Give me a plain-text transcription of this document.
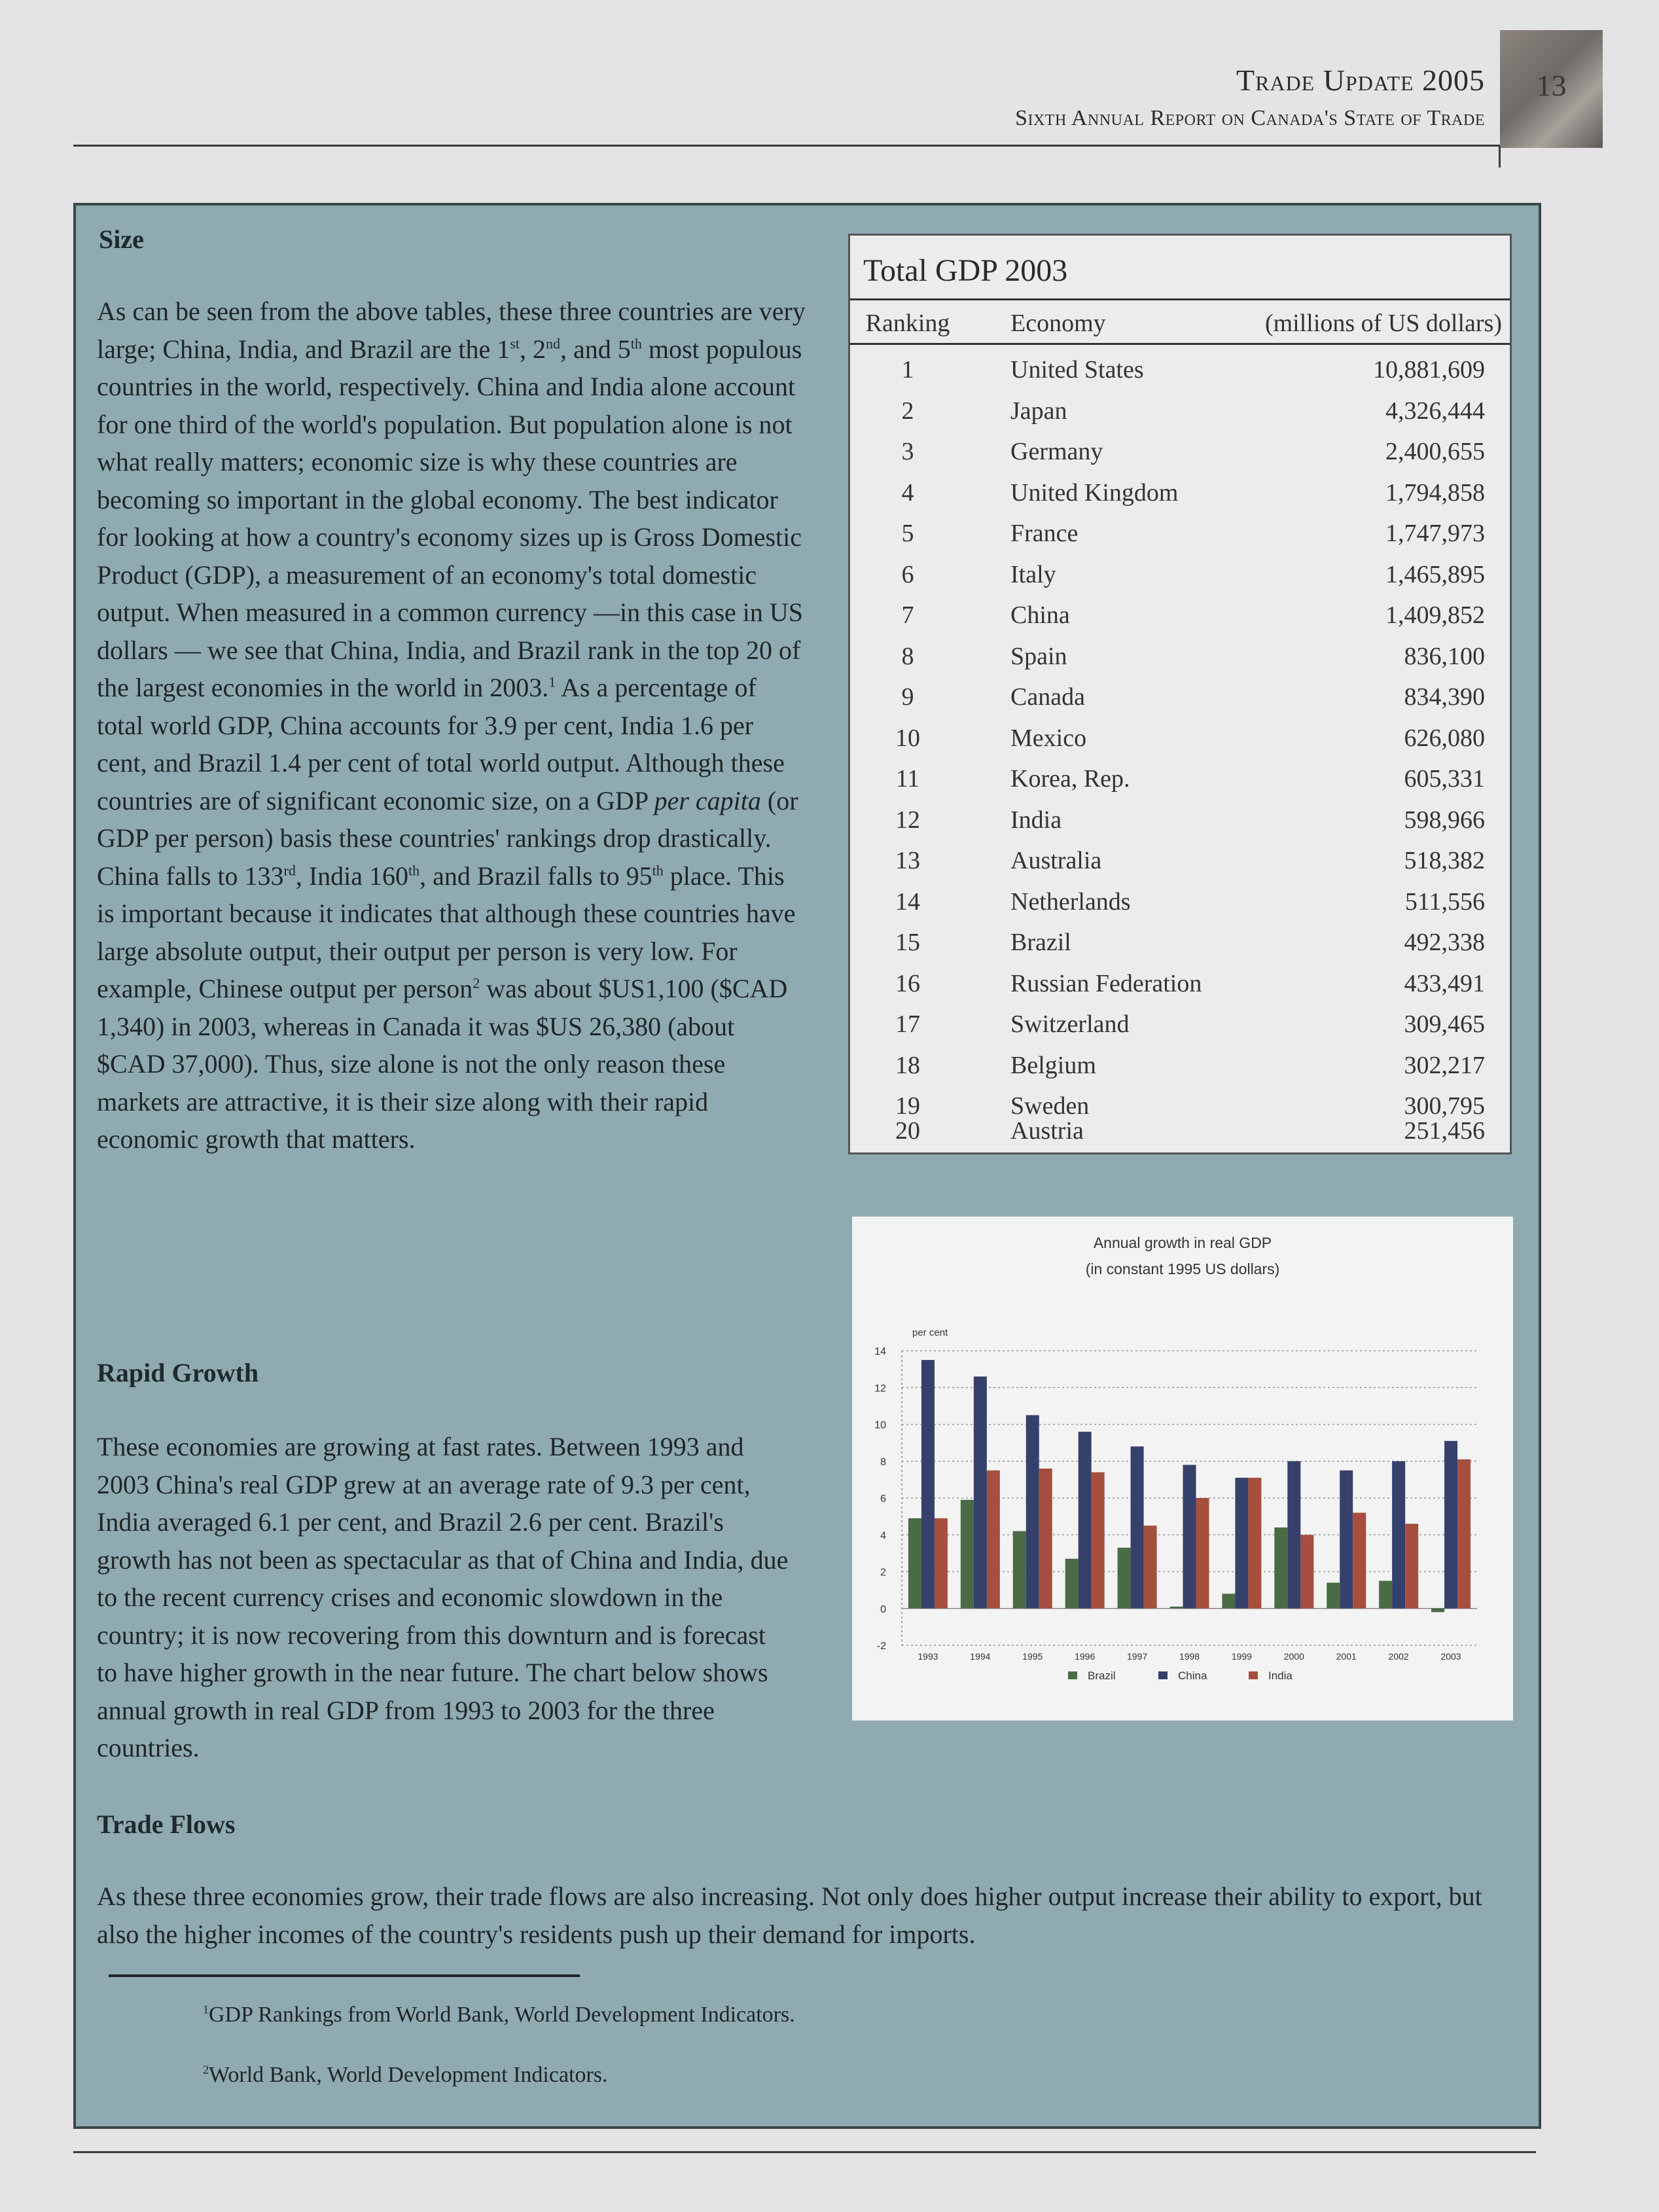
Trade Update 2005
Sixth Annual Report on Canada's State of Trade
13
Size
As can be seen from the above tables, these three countries are very large; China, India, and Brazil are the 1st, 2nd, and 5th most populous countries in the world, respectively. China and India alone account for one third of the world's population. But population alone is not what really matters; economic size is why these countries are becoming so important in the global economy. The best indicator for looking at how a country's economy sizes up is Gross Domestic Product (GDP), a measurement of an economy's total domestic output. When measured in a common currency —in this case in US dollars — we see that China, India, and Brazil rank in the top 20 of the largest economies in the world in 2003.$^1$ As a percentage of total world GDP, China accounts for 3.9 per cent, India 1.6 per cent, and Brazil 1.4 per cent of total world output. Although these countries are of significant economic size, on a GDP per capita (or GDP per person) basis these countries' rankings drop drastically. China falls to 133rd, India 160th, and Brazil falls to 95th place. This is important because it indicates that although these countries have large absolute output, their output per person is very low. For example, Chinese output per person$^2$ was about $US1,100 ($CAD 1,340) in 2003, whereas in Canada it was $US 26,380 (about $CAD 37,000). Thus, size alone is not the only reason these markets are attractive, it is their size along with their rapid economic growth that matters.
Rapid Growth
These economies are growing at fast rates. Between 1993 and 2003 China's real GDP grew at an average rate of 9.3 per cent, India averaged 6.1 per cent, and Brazil 2.6 per cent. Brazil's growth has not been as spectacular as that of China and India, due to the recent currency crises and economic slowdown in the country; it is now recovering from this downturn and is forecast to have higher growth in the near future. The chart below shows annual growth in real GDP from 1993 to 2003 for the three countries.
Trade Flows
As these three economies grow, their trade flows are also increasing. Not only does higher output increase their ability to export, but also the higher incomes of the country's residents push up their demand for imports.
$^1$GDP Rankings from World Bank, World Development Indicators.
$^2$World Bank, World Development Indicators.
Total GDP 2003
Ranking	Economy	(millions of US dollars)
1	United States	10,881,609
2	Japan	4,326,444
3	Germany	2,400,655
4	United Kingdom	1,794,858
5	France	1,747,973
6	Italy	1,465,895
7	China	1,409,852
8	Spain	836,100
9	Canada	834,390
10	Mexico	626,080
11	Korea, Rep.	605,331
12	India	598,966
13	Australia	518,382
14	Netherlands	511,556
15	Brazil	492,338
16	Russian Federation	433,491
17	Switzerland	309,465
18	Belgium	302,217
19	Sweden	300,795
20	Austria	251,456
Annual growth in real GDP
(in constant 1995 US dollars)
per cent
-2
0
2
4
6
8
10
12
14
1993	1994	1995	1996	1997	1998	1999	2000	2001	2002	2003
Brazil	China	India
